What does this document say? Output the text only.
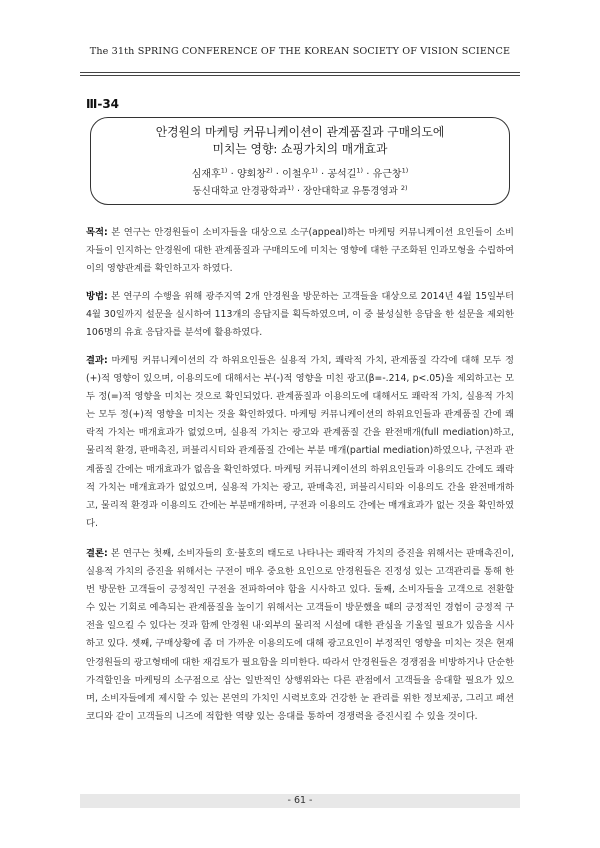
The 31th SPRING CONFERENCE OF THE KOREAN SOCIETY OF VISION SCIENCE
Ⅲ-34
안경원의 마케팅 커뮤니케이션이 관계품질과 구매의도에
미치는 영향: 쇼핑가치의 매개효과
심재후$^{1)}$ · 양회창$^{2)}$ · 이철우$^{1)}$ · 공석길$^{1)}$ · 유근창$^{1)}$
동신대학교 안경광학과$^{1)}$ · 장안대학교 유통경영과 $^{2)}$
목적: 본 연구는 안경원들이 소비자들을 대상으로 소구(appeal)하는 마케팅 커뮤니케이션 요인들이 소비자들이 인지하는 안경원에 대한 관계품질과 구매의도에 미치는 영향에 대한 구조화된 인과모형을 수립하여 이의 영향관계를 확인하고자 하였다.
방법: 본 연구의 수행을 위해 광주지역 2개 안경원을 방문하는 고객들을 대상으로 2014년 4월 15일부터 4월 30일까지 설문을 실시하여 113개의 응답지를 획득하였으며, 이 중 불성실한 응답을 한 설문을 제외한 106명의 유효 응답자를 분석에 활용하였다.
결과: 마케팅 커뮤니케이션의 각 하위요인들은 실용적 가치, 쾌락적 가치, 관계품질 각각에 대해 모두 정(+)적 영향이 있으며, 이용의도에 대해서는 부(-)적 영향을 미친 광고(β=-.214, p<.05)을 제외하고는 모두 정(=)적 영향을 미치는 것으로 확인되었다. 관계품질과 이용의도에 대해서도 쾌락적 가치, 실용적 가치는 모두 정(+)적 영향을 미치는 것을 확인하였다. 마케팅 커뮤니케이션의 하위요인들과 관계품질 간에 쾌락적 가치는 매개효과가 없었으며, 실용적 가치는 광고와 관계품질 간을 완전매개(full mediation)하고, 물리적 환경, 판매촉진, 퍼블리시티와 관계품질 간에는 부분 매개(partial mediation)하였으나, 구전과 관계품질 간에는 매개효과가 없음을 확인하였다. 마케팅 커뮤니케이션의 하위요인들과 이용의도 간에도 쾌락적 가치는 매개효과가 없었으며, 실용적 가치는 광고, 판매촉진, 퍼블리시티와 이용의도 간을 완전매개하고, 물리적 환경과 이용의도 간에는 부분매개하며, 구전과 이용의도 간에는 매개효과가 없는 것을 확인하였다.
결론: 본 연구는 첫째, 소비자들의 호·불호의 태도로 나타나는 쾌락적 가치의 증진을 위해서는 판매촉진이, 실용적 가치의 증진을 위해서는 구전이 매우 중요한 요인으로 안경원들은 진정성 있는 고객관리를 통해 한번 방문한 고객들이 긍정적인 구전을 전파하여야 함을 시사하고 있다. 둘째, 소비자들을 고객으로 전환할 수 있는 기회로 예측되는 관계품질을 높이기 위해서는 고객들이 방문했을 때의 긍정적인 경험이 긍정적 구전을 일으킬 수 있다는 것과 함께 안경원 내·외부의 물리적 시설에 대한 관심을 기울일 필요가 있음을 시사하고 있다. 셋째, 구매상황에 좀 더 가까운 이용의도에 대해 광고요인이 부정적인 영향을 미치는 것은 현재 안경원들의 광고형태에 대한 재검토가 필요함을 의미한다. 따라서 안경원들은 경쟁점을 비방하거나 단순한 가격할인을 마케팅의 소구점으로 삼는 일반적인 상행위와는 다른 관점에서 고객들을 응대할 필요가 있으며, 소비자들에게 제시할 수 있는 본연의 가치인 시력보호와 건강한 눈 관리를 위한 정보제공, 그리고 패션코디와 같이 고객들의 니즈에 적합한 역량 있는 응대를 통하여 경쟁력을 증진시킬 수 있을 것이다.
- 61 -
